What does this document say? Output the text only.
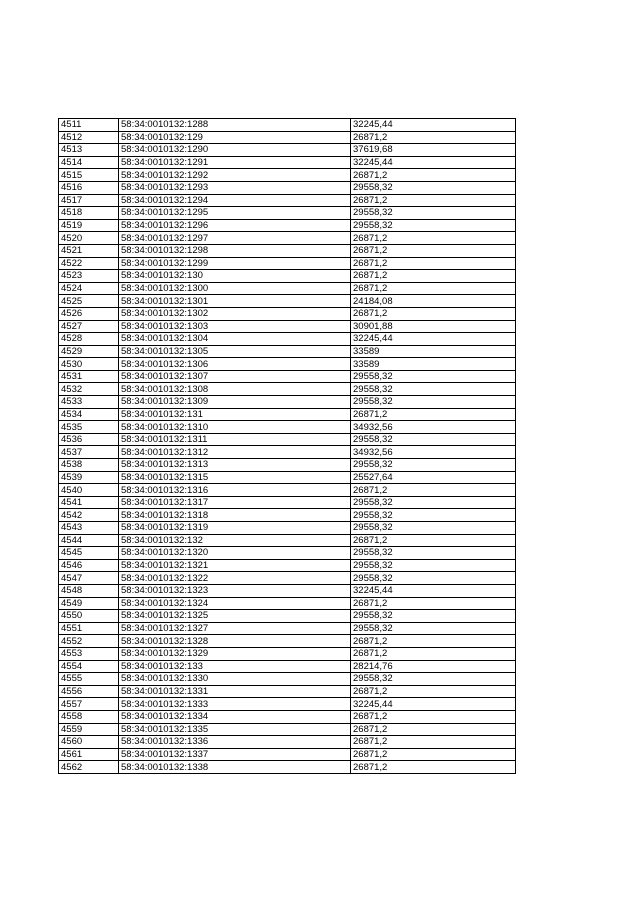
4511	58:34:0010132:1288	32245,44
4512	58:34:0010132:129	26871,2
4513	58:34:0010132:1290	37619,68
4514	58:34:0010132:1291	32245,44
4515	58:34:0010132:1292	26871,2
4516	58:34:0010132:1293	29558,32
4517	58:34:0010132:1294	26871,2
4518	58:34:0010132:1295	29558,32
4519	58:34:0010132:1296	29558,32
4520	58:34:0010132:1297	26871,2
4521	58:34:0010132:1298	26871,2
4522	58:34:0010132:1299	26871,2
4523	58:34:0010132:130	26871,2
4524	58:34:0010132:1300	26871,2
4525	58:34:0010132:1301	24184,08
4526	58:34:0010132:1302	26871,2
4527	58:34:0010132:1303	30901,88
4528	58:34:0010132:1304	32245,44
4529	58:34:0010132:1305	33589
4530	58:34:0010132:1306	33589
4531	58:34:0010132:1307	29558,32
4532	58:34:0010132:1308	29558,32
4533	58:34:0010132:1309	29558,32
4534	58:34:0010132:131	26871,2
4535	58:34:0010132:1310	34932,56
4536	58:34:0010132:1311	29558,32
4537	58:34:0010132:1312	34932,56
4538	58:34:0010132:1313	29558,32
4539	58:34:0010132:1315	25527,64
4540	58:34:0010132:1316	26871,2
4541	58:34:0010132:1317	29558,32
4542	58:34:0010132:1318	29558,32
4543	58:34:0010132:1319	29558,32
4544	58:34:0010132:132	26871,2
4545	58:34:0010132:1320	29558,32
4546	58:34:0010132:1321	29558,32
4547	58:34:0010132:1322	29558,32
4548	58:34:0010132:1323	32245,44
4549	58:34:0010132:1324	26871,2
4550	58:34:0010132:1325	29558,32
4551	58:34:0010132:1327	29558,32
4552	58:34:0010132:1328	26871,2
4553	58:34:0010132:1329	26871,2
4554	58:34:0010132:133	28214,76
4555	58:34:0010132:1330	29558,32
4556	58:34:0010132:1331	26871,2
4557	58:34:0010132:1333	32245,44
4558	58:34:0010132:1334	26871,2
4559	58:34:0010132:1335	26871,2
4560	58:34:0010132:1336	26871,2
4561	58:34:0010132:1337	26871,2
4562	58:34:0010132:1338	26871,2
